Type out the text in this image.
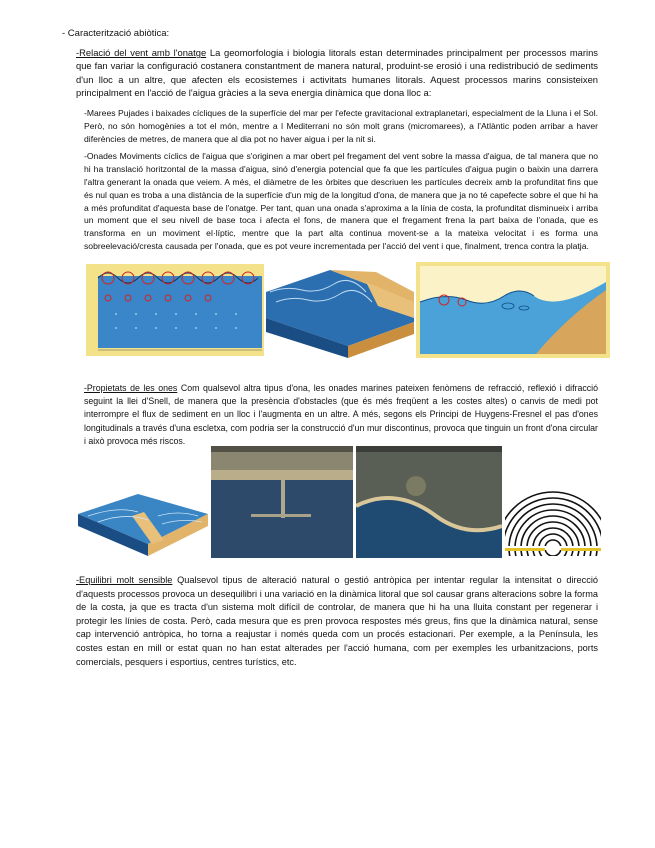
- Caracterització abiòtica:

-Relació del vent amb l'onatge La geomorfologia i biologia litorals estan determinades principalment per processos marins que fan variar la configuració costanera constantment de manera natural, produint-se erosió i una redistribució de sediments d'un lloc a un altre, que afecten els ecosistemes i activitats humanes litorals. Aquest processos marins consisteixen principalment en l'acció de l'aigua gràcies a la seva energia dinàmica que dona lloc a:

-Marees Pujades i baixades cícliques de la superfície del mar per l'efecte gravitacional extraplanetari, especialment de la Lluna i el Sol. Però, no són homogènies a tot el món, mentre a l Mediterrani no són molt grans (micromarees), a l'Atlàntic poden arribar a haver diferències de metres, de manera que al dia pot no haver aigua i per la nit si.

-Onades Moviments cíclics de l'aigua que s'originen a mar obert pel fregament del vent sobre la massa d'aigua, de tal manera que no hi ha translació horitzontal de la massa d'aigua, sinó d'energia potencial que fa que les partícules d'aigua pugin o baixin una darrera l'altra generant la onada que veiem. A més, el diàmetre de les òrbites que descriuen les partícules decreix amb la profunditat fins que és nul quan es troba a una distància de la superfície d'un mig de la longitud d'ona, de manera que ja no té capefecte sobre el que hi ha a més profunditat d'aquesta base de l'onatge. Per tant, quan una onada s'aproxima a la línia de costa, la profunditat disminueix i arriba un moment que el seu nivell de base toca i afecta el fons, de manera que el fregament frena la part baixa de l'onada, que es transforma en un moviment el·líptic, mentre que la part alta continua movent-se a la mateixa velocitat i es forma una sobreelevació/cresta causada per l'onada, que es pot veure incrementada per l'acció del vent i que, finalment, trenca contra la platja.

-Propietats de les ones Com qualsevol altra tipus d'ona, les onades marines pateixen fenòmens de refracció, reflexió i difracció seguint la llei d'Snell, de manera que la presència d'obstacles (que és més freqüent a les costes altes) o canvis de medi pot interrompre el flux de sediment en un lloc i l'augmenta en un altre. A més, segons els Principi de Huygens-Fresnel el pas d'ones longitudinals a través d'una escletxa, com podria ser la construcció d'un mur discontinus, provoca que tinguin un front d'ona circular i això provoca més riscos.

-Equilibri molt sensible Qualsevol tipus de alteració natural o gestió antròpica per intentar regular la intensitat o direcció d'aquests processos provoca un desequilibri i una variació en la dinàmica litoral que sol causar grans alteracions sobre la forma de la costa, ja que es tracta d'un sistema molt difícil de controlar, de manera que hi ha una lluita constant per regenerar i protegir les línies de costa. Però, cada mesura que es pren provoca respostes més greus, fins que la dinàmica natural, sense cap intervenció antròpica, ho torna a reajustar i només queda com un procés estacionari. Per exemple, a la Península, les costes estan en mill or estat quan no han estat alterades per l'acció humana, com per exemples les urbanitzacions, ports comercials, pesquers i esportius, centres turístics, etc.
